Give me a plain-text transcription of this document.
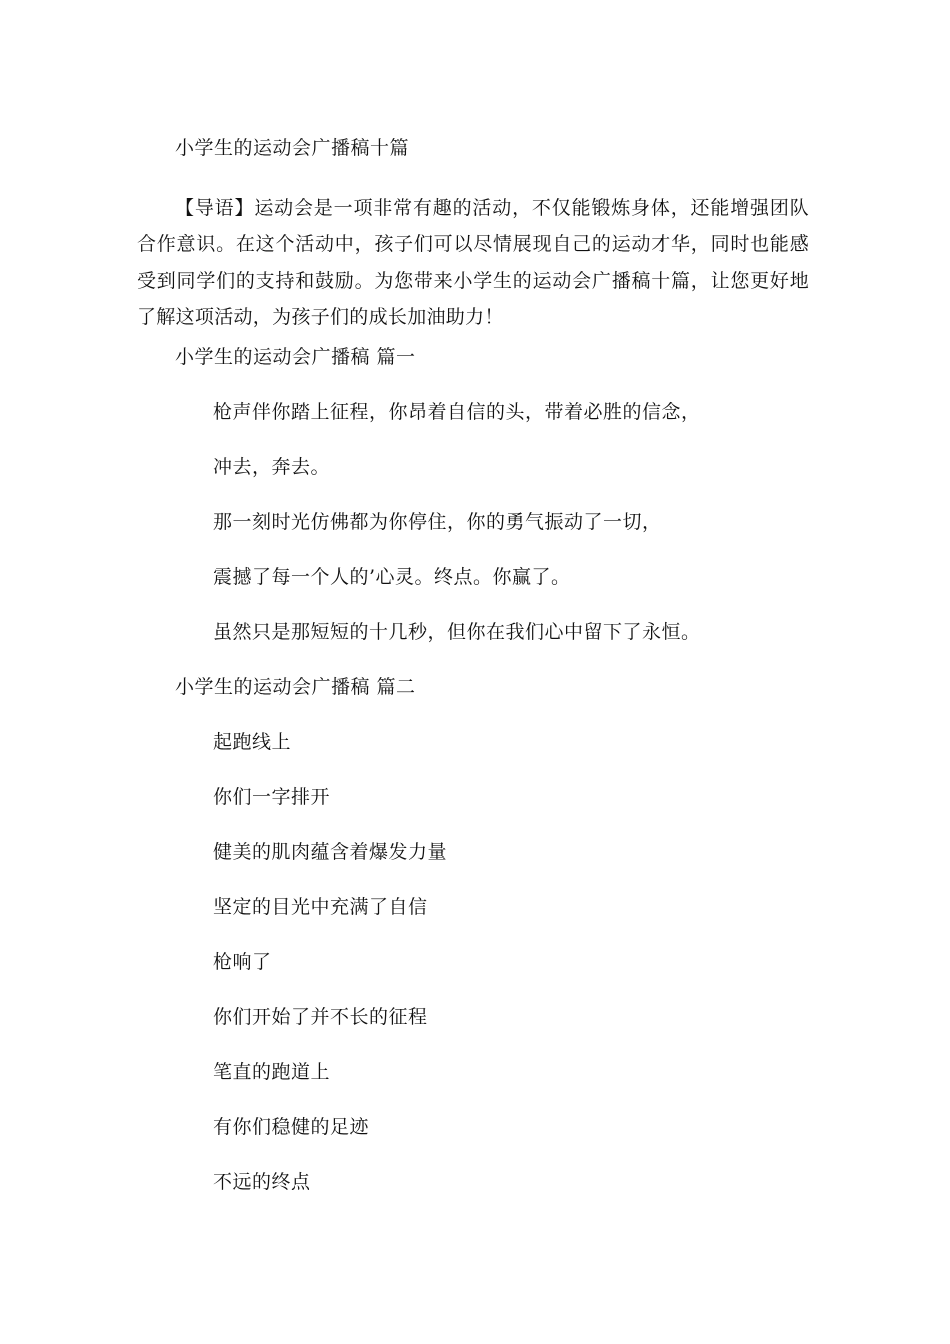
小学生的运动会广播稿十篇

【导语】运动会是一项非常有趣的活动，不仅能锻炼身体，还能增强团队合作意识。在这个活动中，孩子们可以尽情展现自己的运动才华，同时也能感受到同学们的支持和鼓励。为您带来小学生的运动会广播稿十篇，让您更好地了解这项活动，为孩子们的成长加油助力！

小学生的运动会广播稿 篇一
枪声伴你踏上征程，你昂着自信的头，带着必胜的信念，
冲去，奔去。
那一刻时光仿佛都为你停住，你的勇气振动了一切，
震撼了每一个人的’心灵。终点。你赢了。
虽然只是那短短的十几秒，但你在我们心中留下了永恒。
小学生的运动会广播稿 篇二
起跑线上
你们一字排开
健美的肌肉蕴含着爆发力量
坚定的目光中充满了自信
枪响了
你们开始了并不长的征程
笔直的跑道上
有你们稳健的足迹
不远的终点
